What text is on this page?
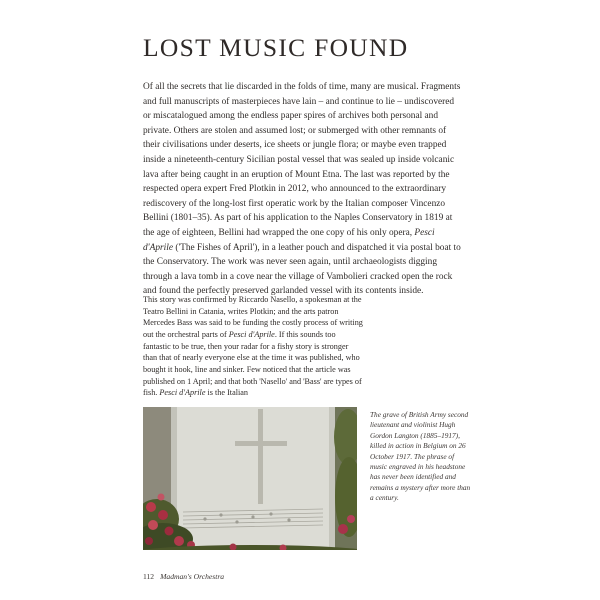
LOST MUSIC FOUND

Of all the secrets that lie discarded in the folds of time, many are musical. Fragments and full manuscripts of masterpieces have lain – and continue to lie – undiscovered or miscatalogued among the endless paper spires of archives both personal and private. Others are stolen and assumed lost; or submerged with other remnants of their civilisations under deserts, ice sheets or jungle flora; or maybe even trapped inside a nineteenth-century Sicilian postal vessel that was sealed up inside volcanic lava after being caught in an eruption of Mount Etna. The last was reported by the respected opera expert Fred Plotkin in 2012, who announced to the extraordinary rediscovery of the long-lost first operatic work by the Italian composer Vincenzo Bellini (1801–35). As part of his application to the Naples Conservatory in 1819 at the age of eighteen, Bellini had wrapped the one copy of his only opera, Pesci d'Aprile ('The Fishes of April'), in a leather pouch and dispatched it via postal boat to the Conservatory. The work was never seen again, until archaeologists digging through a lava tomb in a cove near the village of Vambolieri cracked open the rock and found the perfectly preserved garlanded vessel with its contents inside.

This story was confirmed by Riccardo Nasello, a spokesman at the Teatro Bellini in Catania, writes Plotkin; and the arts patron Mercedes Bass was said to be funding the costly process of writing out the orchestral parts of Pesci d'Aprile. If this sounds too fantastic to be true, then your radar for a fishy story is stronger than that of nearly everyone else at the time it was published, who bought it hook, line and sinker. Few noticed that the article was published on 1 April; and that both 'Nasello' and 'Bass' are types of fish. Pesci d'Aprile is the Italian

The grave of British Army second lieutenant and violinist Hugh Gordon Langton (1885–1917), killed in action in Belgium on 26 October 1917. The phrase of music engraved in his headstone has never been identified and remains a mystery after more than a century.

112 Madman's Orchestra
